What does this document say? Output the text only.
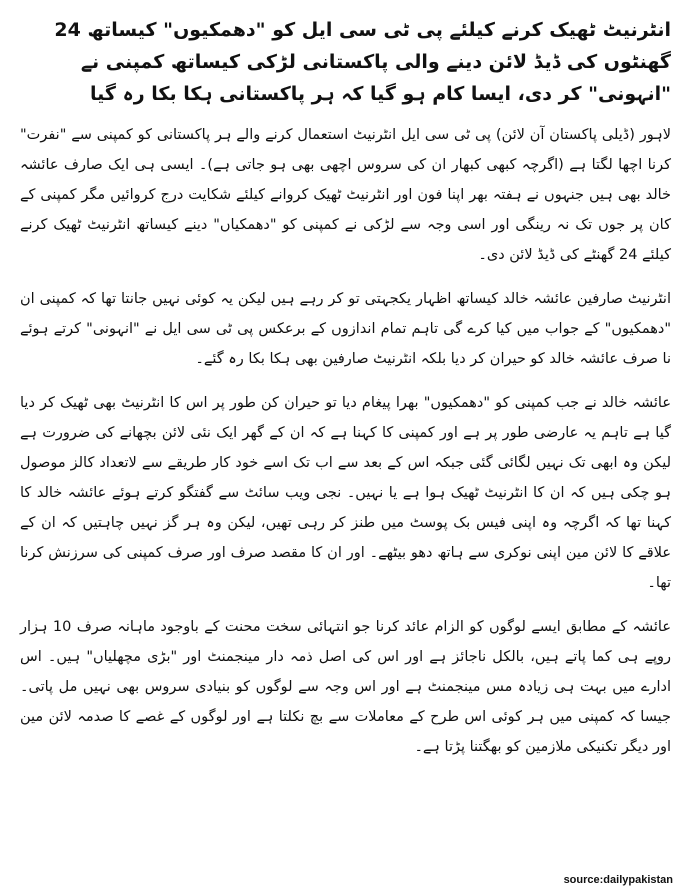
انٹرنیٹ ٹھیک کرنے کیلئے پی ٹی سی ایل کو "دھمکیوں" کیساتھ 24 گھنٹوں کی ڈیڈ لائن دینے والی پاکستانی لڑکی کیساتھ کمپنی نے "انہونی" کر دی، ایسا کام ہو گیا کہ ہر پاکستانی ہکا بکا رہ گیا

لاہور (ڈیلی پاکستان آن لائن) پی ٹی سی ایل انٹرنیٹ استعمال کرنے والے ہر پاکستانی کو کمپنی سے "نفرت" کرنا اچھا لگتا ہے (اگرچہ کبھی کبھار ان کی سروس اچھی بھی ہو جاتی ہے)۔ ایسی ہی ایک صارف عائشہ خالد بھی ہیں جنہوں نے ہفتہ بھر اپنا فون اور انٹرنیٹ ٹھیک کروانے کیلئے شکایت درج کروائیں مگر کمپنی کے کان پر جوں تک نہ رینگی اور اسی وجہ سے لڑکی نے کمپنی کو "دھمکیاں" دینے کیساتھ انٹرنیٹ ٹھیک کرنے کیلئے 24 گھنٹے کی ڈیڈ لائن دی۔

انٹرنیٹ صارفین عائشہ خالد کیساتھ اظہار یکجہتی تو کر رہے ہیں لیکن یہ کوئی نہیں جانتا تھا کہ کمپنی ان "دھمکیوں" کے جواب میں کیا کرے گی تاہم تمام اندازوں کے برعکس پی ٹی سی ایل نے "انہونی" کرتے ہوئے نا صرف عائشہ خالد کو حیران کر دیا بلکہ انٹرنیٹ صارفین بھی ہکا بکا رہ گئے۔

عائشہ خالد نے جب کمپنی کو "دھمکیوں" بھرا پیغام دیا تو حیران کن طور پر اس کا انٹرنیٹ بھی ٹھیک کر دیا گیا ہے تاہم یہ عارضی طور پر ہے اور کمپنی کا کہنا ہے کہ ان کے گھر ایک نئی لائن بچھانے کی ضرورت ہے لیکن وہ ابھی تک نہیں لگائی گئی جبکہ اس کے بعد سے اب تک اسے خود کار طریقے سے لاتعداد کالز موصول ہو چکی ہیں کہ ان کا انٹرنیٹ ٹھیک ہوا ہے یا نہیں۔ نجی ویب سائٹ سے گفتگو کرتے ہوئے عائشہ خالد کا کہنا تھا کہ اگرچہ وہ اپنی فیس بک پوسٹ میں طنز کر رہی تھیں، لیکن وہ ہر گز نہیں چاہتیں کہ ان کے علاقے کا لائن مین اپنی نوکری سے ہاتھ دھو بیٹھے۔ اور ان کا مقصد صرف اور صرف کمپنی کی سرزنش کرنا تھا۔

عائشہ کے مطابق ایسے لوگوں کو الزام عائد کرنا جو انتہائی سخت محنت کے باوجود ماہانہ صرف 10 ہزار روپے ہی کما پاتے ہیں، بالکل ناجائز ہے اور اس کی اصل ذمہ دار مینجمنٹ اور "بڑی مچھلیاں" ہیں۔ اس ادارے میں بہت ہی زیادہ مس مینجمنٹ ہے اور اس وجہ سے لوگوں کو بنیادی سروس بھی نہیں مل پاتی۔ جیسا کہ کمپنی میں ہر کوئی اس طرح کے معاملات سے بچ نکلتا ہے اور لوگوں کے غصے کا صدمہ لائن مین اور دیگر تکنیکی ملازمین کو بھگتنا پڑتا ہے۔

source:dailypakistan
